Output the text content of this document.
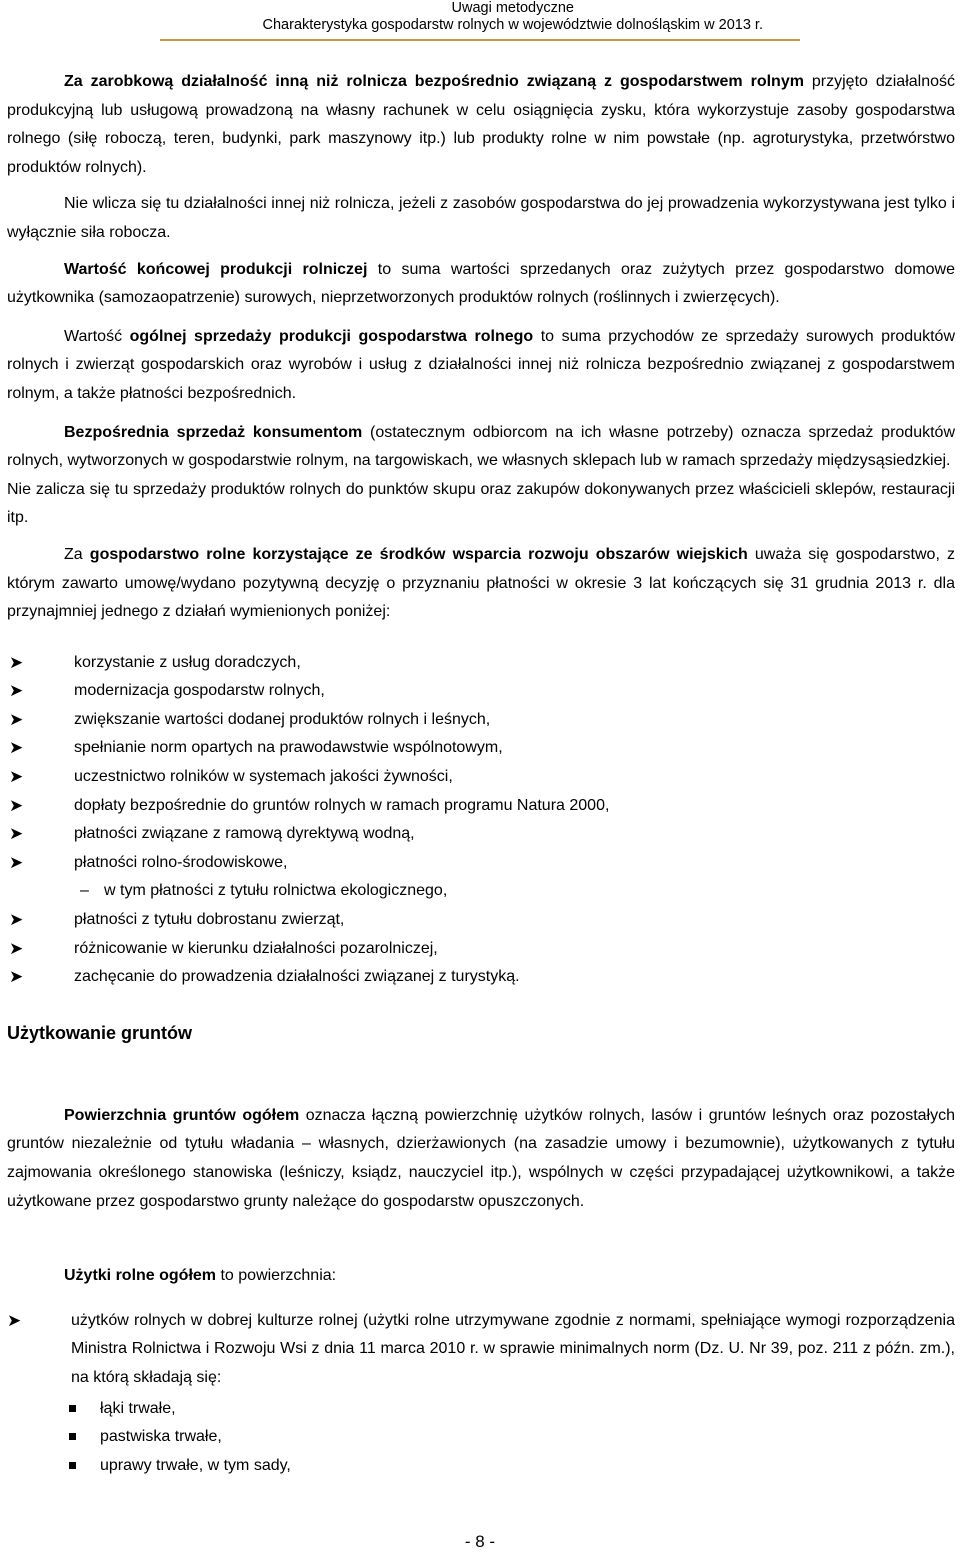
Uwagi metodyczne
Charakterystyka gospodarstw rolnych w województwie dolnośląskim w 2013 r.

Za zarobkową działalność inną niż rolnicza bezpośrednio związaną z gospodarstwem rolnym przyjęto działalność produkcyjną lub usługową prowadzoną na własny rachunek w celu osiągnięcia zysku, która wykorzystuje zasoby gospodarstwa rolnego (siłę roboczą, teren, budynki, park maszynowy itp.) lub produkty rolne w nim powstałe (np. agroturystyka, przetwórstwo produktów rolnych).

Nie wlicza się tu działalności innej niż rolnicza, jeżeli z zasobów gospodarstwa do jej prowadzenia wykorzystywana jest tylko i wyłącznie siła robocza.

Wartość końcowej produkcji rolniczej to suma wartości sprzedanych oraz zużytych przez gospodarstwo domowe użytkownika (samozaopatrzenie) surowych, nieprzetworzonych produktów rolnych (roślinnych i zwierzęcych).

Wartość ogólnej sprzedaży produkcji gospodarstwa rolnego to suma przychodów ze sprzedaży surowych produktów rolnych i zwierząt gospodarskich oraz wyrobów i usług z działalności innej niż rolnicza bezpośrednio związanej z gospodarstwem rolnym, a także płatności bezpośrednich.

Bezpośrednia sprzedaż konsumentom (ostatecznym odbiorcom na ich własne potrzeby) oznacza sprzedaż produktów rolnych, wytworzonych w gospodarstwie rolnym, na targowiskach, we własnych sklepach lub w ramach sprzedaży międzysąsiedzkiej.

Nie zalicza się tu sprzedaży produktów rolnych do punktów skupu oraz zakupów dokonywanych przez właścicieli sklepów, restauracji itp.

Za gospodarstwo rolne korzystające ze środków wsparcia rozwoju obszarów wiejskich uważa się gospodarstwo, z którym zawarto umowę/wydano pozytywną decyzję o przyznaniu płatności w okresie 3 lat kończących się 31 grudnia 2013 r. dla przynajmniej jednego z działań wymienionych poniżej:

➤	korzystanie z usług doradczych,
➤	modernizacja gospodarstw rolnych,
➤	zwiększanie wartości dodanej produktów rolnych i leśnych,
➤	spełnianie norm opartych na prawodawstwie wspólnotowym,
➤	uczestnictwo rolników w systemach jakości żywności,
➤	dopłaty bezpośrednie do gruntów rolnych w ramach programu Natura 2000,
➤	płatności związane z ramową dyrektywą wodną,
➤	płatności rolno-środowiskowe,
– w tym płatności z tytułu rolnictwa ekologicznego,
➤	płatności z tytułu dobrostanu zwierząt,
➤	różnicowanie w kierunku działalności pozarolniczej,
➤	zachęcanie do prowadzenia działalności związanej z turystyką.
Użytkowanie gruntów

Powierzchnia gruntów ogółem oznacza łączną powierzchnię użytków rolnych, lasów i gruntów leśnych oraz pozostałych gruntów niezależnie od tytułu władania – własnych, dzierżawionych (na zasadzie umowy i bezumownie), użytkowanych z tytułu zajmowania określonego stanowiska (leśniczy, ksiądz, nauczyciel itp.), wspólnych w części przypadającej użytkownikowi, a także użytkowane przez gospodarstwo grunty należące do gospodarstw opuszczonych.

Użytki rolne ogółem to powierzchnia:
➤	użytków rolnych w dobrej kulturze rolnej (użytki rolne utrzymywane zgodnie z normami, spełniające wymogi rozporządzenia Ministra Rolnictwa i Rozwoju Wsi z dnia 11 marca 2010 r. w sprawie minimalnych norm (Dz. U. Nr 39, poz. 211 z późn. zm.), na którą składają się:
łąki trwałe,
pastwiska trwałe,
uprawy trwałe, w tym sady,
- 8 -
